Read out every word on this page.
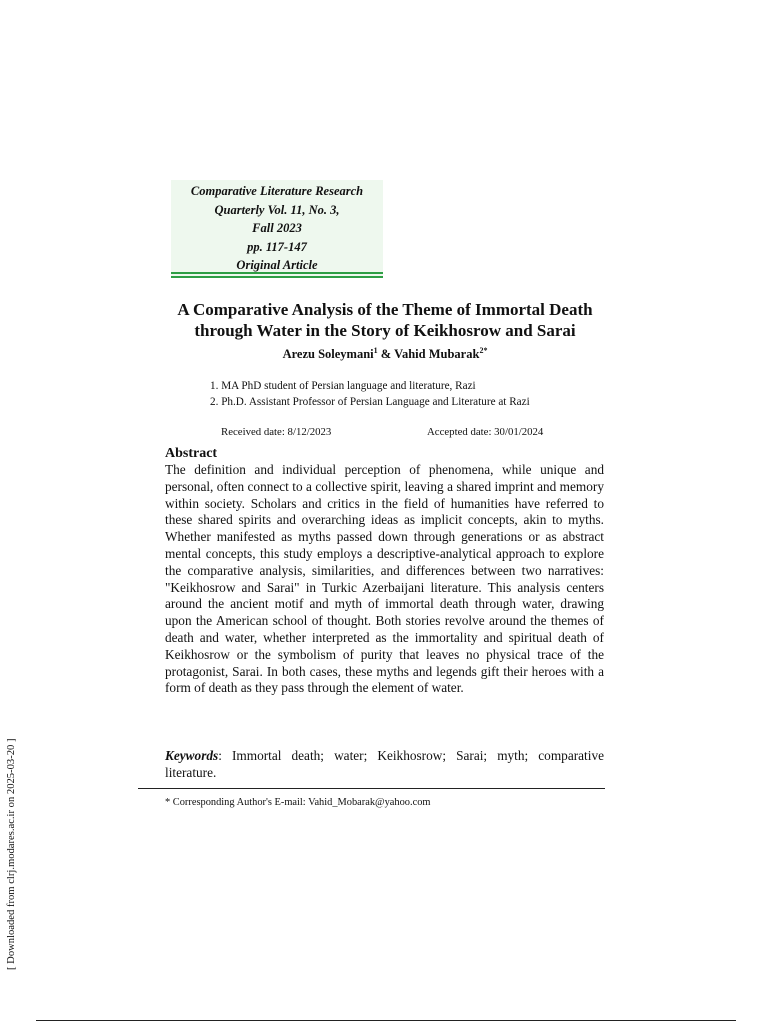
Comparative Literature Research
Quarterly Vol. 11, No. 3,
Fall 2023
pp. 117-147
Original Article
A Comparative Analysis of the Theme of Immortal Death
through Water in the Story of Keikhosrow and Sarai
Arezu Soleymani$^1$ & Vahid Mubarak$^{2*}$
1. MA PhD student of Persian language and literature, Razi
2. Ph.D. Assistant Professor of Persian Language and Literature at Razi
Received date: 8/12/2023	Accepted date: 30/01/2024
Abstract
The definition and individual perception of phenomena, while unique and personal, often connect to a collective spirit, leaving a shared imprint and memory within society. Scholars and critics in the field of humanities have referred to these shared spirits and overarching ideas as implicit concepts, akin to myths. Whether manifested as myths passed down through generations or as abstract mental concepts, this study employs a descriptive-analytical approach to explore the comparative analysis, similarities, and differences between two narratives: "Keikhosrow and Sarai" in Turkic Azerbaijani literature. This analysis centers around the ancient motif and myth of immortal death through water, drawing upon the American school of thought. Both stories revolve around the themes of death and water, whether interpreted as the immortality and spiritual death of Keikhosrow or the symbolism of purity that leaves no physical trace of the protagonist, Sarai. In both cases, these myths and legends gift their heroes with a form of death as they pass through the element of water.
Keywords: Immortal death; water; Keikhosrow; Sarai; myth; comparative literature.
* Corresponding Author's E-mail: Vahid_Mobarak@yahoo.com
[ Downloaded from clrj.modares.ac.ir on 2025-03-20 ]
